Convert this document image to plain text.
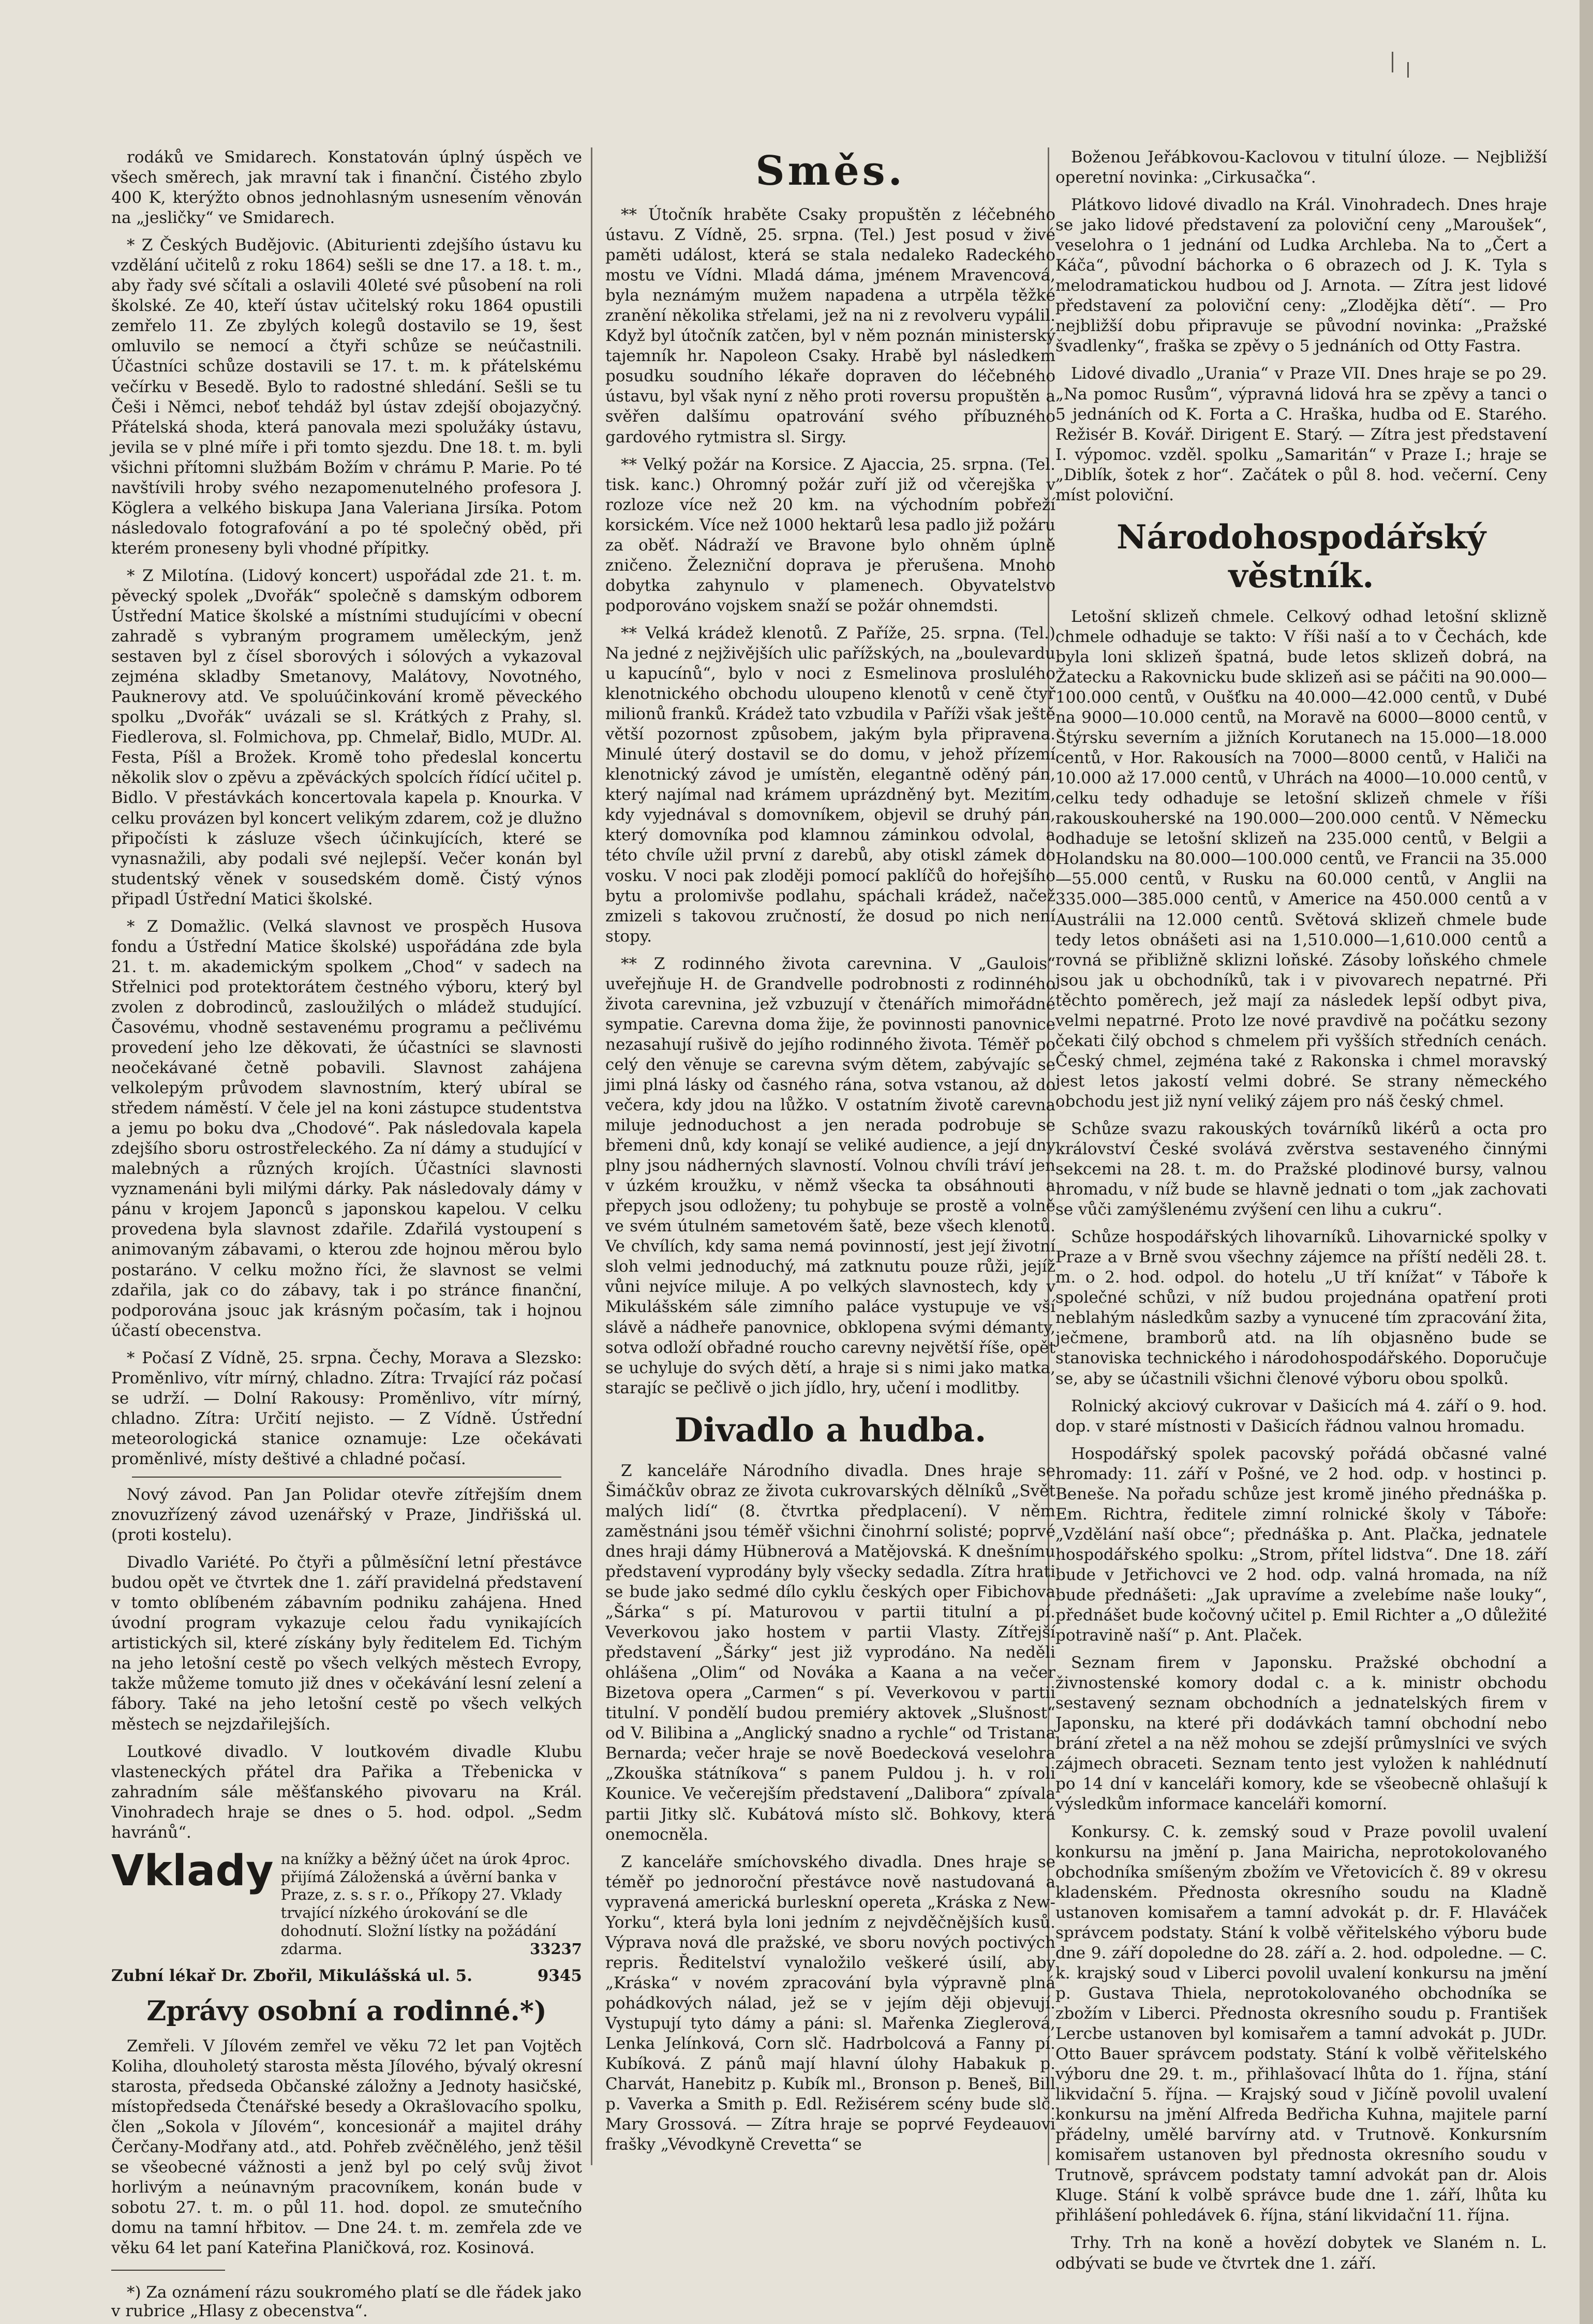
rodáků ve Smidarech. Konstatován úplný úspěch ve všech směrech, jak mravní tak i finanční. Čistého zbylo 400 K, kterýžto obnos jednohlasným usnesením věnován na „jesličky“ ve Smidarech.

* Z Českých Budějovic. (Abiturienti zdejšího ústavu ku vzdělání učitelů z roku 1864) sešli se dne 17. a 18. t. m., aby řady své sčítali a oslavili 40leté své působení na roli školské. Ze 40, kteří ústav učitelský roku 1864 opustili zemřelo 11. Ze zbylých kolegů dostavilo se 19, šest omluvilo se nemocí a čtyři schůze se neúčastnili. Účastníci schůze dostavili se 17. t. m. k přátelskému večírku v Besedě. Bylo to radostné shledání. Sešli se tu Češi i Němci, neboť tehdáž byl ústav zdejší obojazyčný. Přátelská shoda, která panovala mezi spolužáky ústavu, jevila se v plné míře i při tomto sjezdu. Dne 18. t. m. byli všichni přítomni službám Božím v chrámu P. Marie. Po té navštívili hroby svého nezapomenutelného profesora J. Köglera a velkého biskupa Jana Valeriana Jirsíka. Potom následovalo fotografování a po té společný oběd, při kterém proneseny byli vhodné přípitky.

* Z Milotína. (Lidový koncert) uspořádal zde 21. t. m. pěvecký spolek „Dvořák“ společně s damským odborem Ústřední Matice školské a místními studujícími v obecní zahradě s vybraným programem uměleckým, jenž sestaven byl z čísel sborových i sólových a vykazoval zejména skladby Smetanovy, Malátovy, Novotného, Pauknerovy atd. Ve spoluúčinkování kromě pěveckého spolku „Dvořák“ uvázali se sl. Krátkých z Prahy, sl. Fiedlerova, sl. Folmichova, pp. Chmelař, Bidlo, MUDr. Al. Festa, Píšl a Brožek. Kromě toho předeslal koncertu několik slov o zpěvu a zpěváckých spolcích řídící učitel p. Bidlo. V přestávkách koncertovala kapela p. Knourka. V celku provázen byl koncert velikým zdarem, což je dlužno připočísti k zásluze všech účinkujících, které se vynasnažili, aby podali své nejlepší. Večer konán byl studentský věnek v sousedském domě. Čistý výnos připadl Ústřední Matici školské.

* Z Domažlic. (Velká slavnost ve prospěch Husova fondu a Ústřední Matice školské) uspořádána zde byla 21. t. m. akademickým spolkem „Chod“ v sadech na Střelnici pod protektorátem čestného výboru, který byl zvolen z dobrodinců, zasloužilých o mládež studující. Časovému, vhodně sestavenému programu a pečlivému provedení jeho lze děkovati, že účastníci se slavnosti neočekávané četně pobavili. Slavnost zahájena velkolepým průvodem slavnostním, který ubíral se středem náměstí. V čele jel na koni zástupce studentstva a jemu po boku dva „Chodové“. Pak následovala kapela zdejšího sboru ostrostřeleckého. Za ní dámy a studující v malebných a různých krojích. Účastníci slavnosti vyznamenáni byli milými dárky. Pak následovaly dámy v pánu v krojem Japonců s japonskou kapelou. V celku provedena byla slavnost zdařile. Zdařilá vystoupení s animovaným zábavami, o kterou zde hojnou měrou bylo postaráno. V celku možno říci, že slavnost se velmi zdařila, jak co do zábavy, tak i po stránce finanční, podporována jsouc jak krásným počasím, tak i hojnou účastí obecenstva.

* Počasí Z Vídně, 25. srpna. Čechy, Morava a Slezsko: Proměnlivo, vítr mírný, chladno. Zítra: Trvající ráz počasí se udrží. — Dolní Rakousy: Proměnlivo, vítr mírný, chladno. Zítra: Určití nejisto. — Z Vídně. Ústřední meteorologická stanice oznamuje: Lze očekávati proměnlivé, místy deštivé a chladné počasí.

Nový závod. Pan Jan Polidar otevře zítřejším dnem znovuzřízený závod uzenářský v Praze, Jindřišská ul. (proti kostelu).

Divadlo Variété. Po čtyři a půlměsíční letní přestávce budou opět ve čtvrtek dne 1. září pravidelná představení v tomto oblíbeném zábavním podniku zahájena. Hned úvodní program vykazuje celou řadu vynikajících artistických sil, které získány byly ředitelem Ed. Tichým na jeho letošní cestě po všech velkých městech Evropy, takže můžeme tomuto již dnes v očekávání lesní zelení a fábory. Také na jeho letošní cestě po všech velkých městech se nejzdařilejších.

Loutkové divadlo. V loutkovém divadle Klubu vlasteneckých přátel dra Pařika a Třebenicka v zahradním sále měšťanského pivovaru na Král. Vinohradech hraje se dnes o 5. hod. odpol. „Sedm havránů“.

Vklady na knížky a běžný účet na úrok 4proc. přijímá Záloženská a úvěrní banka v Praze, z. s. s r. o., Příkopy 27. Vklady trvající nízkého úrokování se dle dohodnutí. Složní lístky na požádání zdarma.	33237
Zubní lékař Dr. Zbořil, Mikulášská ul. 5.	9345
Zprávy osobní a rodinné.*)

Zemřeli. V Jílovém zemřel ve věku 72 let pan Vojtěch Koliha, dlouholetý starosta města Jílového, bývalý okresní starosta, předseda Občanské záložny a Jednoty hasičské, místopředseda Čtenářské besedy a Okrašlovacího spolku, člen „Sokola v Jílovém“, koncesionář a majitel dráhy Čerčany-Modřany atd., atd. Pohřeb zvěčnělého, jenž těšil se všeobecné vážnosti a jenž byl po celý svůj život horlivým a neúnavným pracovníkem, konán bude v sobotu 27. t. m. o půl 11. hod. dopol. ze smutečního domu na tamní hřbitov. — Dne 24. t. m. zemřela zde ve věku 64 let paní Kateřina Planičková, roz. Kosinová.

*) Za oznámení rázu soukromého platí se dle řádek jako v rubrice „Hlasy z obecenstva“.
Směs.

** Útočník hraběte Csaky propuštěn z léčebného ústavu. Z Vídně, 25. srpna. (Tel.) Jest posud v živé paměti událost, která se stala nedaleko Radeckého mostu ve Vídni. Mladá dáma, jménem Mravencová, byla neznámým mužem napadena a utrpěla těžké zranění několika střelami, jež na ni z revolveru vypálil. Když byl útočník zatčen, byl v něm poznán ministerský tajemník hr. Napoleon Csaky. Hrabě byl následkem posudku soudního lékaře dopraven do léčebného ústavu, byl však nyní z něho proti roversu propuštěn a svěřen dalšímu opatrování svého příbuzného gardového rytmistra sl. Sirgy.

** Velký požár na Korsice. Z Ajaccia, 25. srpna. (Tel. tisk. kanc.) Ohromný požár zuří již od včerejška v rozloze více než 20 km. na východním pobřeží korsickém. Více než 1000 hektarů lesa padlo již požáru za oběť. Nádraží ve Bravone bylo ohněm úplně zničeno. Železniční doprava je přerušena. Mnoho dobytka zahynulo v plamenech. Obyvatelstvo podporováno vojskem snaží se požár ohnemdsti.

** Velká krádež klenotů. Z Paříže, 25. srpna. (Tel.) Na jedné z nejživějších ulic pařížských, na „boulevardu u kapucínů“, bylo v noci z Esmelinova proslulého klenotnického obchodu uloupeno klenotů v ceně čtyř milionů franků. Krádež tato vzbudila v Paříži však ještě větší pozornost způsobem, jakým byla připravena. Minulé úterý dostavil se do domu, v jehož přízemí klenotnický závod je umístěn, elegantně oděný pán, který najímal nad krámem uprázdněný byt. Mezitím, kdy vyjednával s domovníkem, objevil se druhý pán, který domovníka pod klamnou záminkou odvolal, a této chvíle užil první z darebů, aby otiskl zámek do vosku. V noci pak zloději pomocí paklíčů do hořejšího bytu a prolomivše podlahu, spáchali krádež, načež zmizeli s takovou zručností, že dosud po nich není stopy.

** Z rodinného života carevnina. V „Gaulois“ uveřejňuje H. de Grandvelle podrobnosti z rodinného života carevnina, jež vzbuzují v čtenářích mimořádné sympatie. Carevna doma žije, že povinnosti panovnice nezasahují rušivě do jejího rodinného života. Téměř po celý den věnuje se carevna svým dětem, zabývajíc se jimi plná lásky od časného rána, sotva vstanou, až do večera, kdy jdou na lůžko. V ostatním životě carevna miluje jednoduchost a jen nerada podrobuje se břemeni dnů, kdy konají se veliké audience, a její dny plny jsou nádherných slavností. Volnou chvíli tráví jen v úzkém kroužku, v němž všecka ta obsáhnouti a přepych jsou odloženy; tu pohybuje se prostě a volně ve svém útulném sametovém šatě, beze všech klenotů. Ve chvílích, kdy sama nemá povinností, jest její životní sloh velmi jednoduchý, má zatknutu pouze růži, jejíž vůni nejvíce miluje. A po velkých slavnostech, kdy v Mikulášském sále zimního paláce vystupuje ve vší slávě a nádheře panovnice, obklopena svými démanty, sotva odloží obřadné roucho carevny největší říše, opět se uchyluje do svých dětí, a hraje si s nimi jako matka, starajíc se pečlivě o jich jídlo, hry, učení i modlitby.

Divadlo a hudba.

Z kanceláře Národního divadla. Dnes hraje se Šimáčkův obraz ze života cukrovarských dělníků „Svět malých lidí“ (8. čtvrtka předplacení). V něm zaměstnáni jsou téměř všichni činohrní solisté; poprvé dnes hraji dámy Hübnerová a Matějovská. K dnešnímu představení vyprodány byly všecky sedadla. Zítra hrati se bude jako sedmé dílo cyklu českých oper Fibichova „Šárka“ s pí. Maturovou v partii titulní a pí. Veverkovou jako hostem v partii Vlasty. Zítřejší představení „Šárky“ jest již vyprodáno. Na neděli ohlášena „Olim“ od Nováka a Kaana a na večer Bizetova opera „Carmen“ s pí. Veverkovou v partii titulní. V pondělí budou premiéry aktovek „Slušnost“ od V. Bilibina a „Anglický snadno a rychle“ od Tristana Bernarda; večer hraje se nově Boedecková veselohra „Zkouška státníkova“ s panem Puldou j. h. v roli Kounice. Ve večerejším představení „Dalibora“ zpívala partii Jitky slč. Kubátová místo slč. Bohkovy, která onemocněla.

Z kanceláře smíchovského divadla. Dnes hraje se téměř po jednoroční přestávce nově nastudovaná a vypravená americká burleskní opereta „Kráska z New-Yorku“, která byla loni jedním z nejvděčnějších kusů. Výprava nová dle pražské, ve sboru nových poctivých repris. Ředitelství vynaložilo veškeré úsilí, aby „Kráska“ v novém zpracování byla výpravně plná pohádkových nálad, jež se v jejím ději objevují. Vystupují tyto dámy a páni: sl. Mařenka Zieglerová, Lenka Jelínková, Corn slč. Hadrbolcová a Fanny pí. Kubíková. Z pánů mají hlavní úlohy Habakuk p. Charvát, Hanebitz p. Kubík ml., Bronson p. Beneš, Bill p. Vaverka a Smith p. Edl. Režisérem scény bude slč. Mary Grossová. — Zítra hraje se poprvé Feydeauovi frašky „Vévodkyně Crevetta“ se

Boženou Jeřábkovou-Kaclovou v titulní úloze. — Nejbližší operetní novinka: „Cirkusačka“.

Plátkovo lidové divadlo na Král. Vinohradech. Dnes hraje se jako lidové představení za poloviční ceny „Maroušek“, veselohra o 1 jednání od Ludka Archleba. Na to „Čert a Káča“, původní báchorka o 6 obrazech od J. K. Tyla s melodramatickou hudbou od J. Arnota. — Zítra jest lidové představení za poloviční ceny: „Zlodějka dětí“. — Pro nejbližší dobu připravuje se původní novinka: „Pražské švadlenky“, fraška se zpěvy o 5 jednáních od Otty Fastra.

Lidové divadlo „Urania“ v Praze VII. Dnes hraje se po 29. „Na pomoc Rusům“, výpravná lidová hra se zpěvy a tanci o 5 jednáních od K. Forta a C. Hraška, hudba od E. Starého. Režisér B. Kovář. Dirigent E. Starý. — Zítra jest představení I. výpomoc. vzděl. spolku „Samaritán“ v Praze I.; hraje se „Diblík, šotek z hor“. Začátek o půl 8. hod. večerní. Ceny míst poloviční.

Národohospodářský věstník.

Letošní sklizeň chmele. Celkový odhad letošní sklizně chmele odhaduje se takto: V říši naší a to v Čechách, kde byla loni sklizeň špatná, bude letos sklizeň dobrá, na Žatecku a Rakovnicku bude sklizeň asi se páčiti na 90.000—100.000 centů, v Oušťku na 40.000—42.000 centů, v Dubé na 9000—10.000 centů, na Moravě na 6000—8000 centů, v Štýrsku severním a jižních Korutanech na 15.000—18.000 centů, v Hor. Rakousích na 7000—8000 centů, v Haliči na 10.000 až 17.000 centů, v Uhrách na 4000—10.000 centů, v celku tedy odhaduje se letošní sklizeň chmele v říši rakouskouherské na 190.000—200.000 centů. V Německu odhaduje se letošní sklizeň na 235.000 centů, v Belgii a Holandsku na 80.000—100.000 centů, ve Francii na 35.000—55.000 centů, v Rusku na 60.000 centů, v Anglii na 335.000—385.000 centů, v Americe na 450.000 centů a v Austrálii na 12.000 centů. Světová sklizeň chmele bude tedy letos obnášeti asi na 1,510.000—1,610.000 centů a rovná se přibližně sklizni loňské. Zásoby loňského chmele jsou jak u obchodníků, tak i v pivovarech nepatrné. Při těchto poměrech, jež mají za následek lepší odbyt piva, velmi nepatrné. Proto lze nové pravdivě na počátku sezony čekati čilý obchod s chmelem při vyšších středních cenách. Český chmel, zejména také z Rakonska i chmel moravský jest letos jakostí velmi dobré. Se strany německého obchodu jest již nyní veliký zájem pro náš český chmel.

Schůze svazu rakouských továrníků likérů a octa pro království České svolává zvěrstva sestaveného činnými sekcemi na 28. t. m. do Pražské plodinové bursy, valnou hromadu, v níž bude se hlavně jednati o tom „jak zachovati se vůči zamýšlenému zvýšení cen lihu a cukru“.

Schůze hospodářských lihovarníků. Lihovarnické spolky v Praze a v Brně svou všechny zájemce na příští neděli 28. t. m. o 2. hod. odpol. do hotelu „U tří knížat“ v Táboře k společné schůzi, v níž budou projednána opatření proti neblahým následkům sazby a vynucené tím zpracování žita, ječmene, bramborů atd. na líh objasněno bude se stanoviska technického i národohospodářského. Doporučuje se, aby se účastnili všichni členové výboru obou spolků.

Rolnický akciový cukrovar v Dašicích má 4. září o 9. hod. dop. v staré místnosti v Dašicích řádnou valnou hromadu.

Hospodářský spolek pacovský pořádá občasné valné hromady: 11. září v Pošné, ve 2 hod. odp. v hostinci p. Beneše. Na pořadu schůze jest kromě jiného přednáška p. Em. Richtra, ředitele zimní rolnické školy v Táboře: „Vzdělání naší obce“; přednáška p. Ant. Plačka, jednatele hospodářského spolku: „Strom, přítel lidstva“. Dne 18. září bude v Jetřichovci ve 2 hod. odp. valná hromada, na níž bude přednášeti: „Jak upravíme a zvelebíme naše louky“, přednášet bude kočovný učitel p. Emil Richter a „O důležité potravině naší“ p. Ant. Plaček.

Seznam firem v Japonsku. Pražské obchodní a živnostenské komory dodal c. a k. ministr obchodu sestavený seznam obchodních a jednatelských firem v Japonsku, na které při dodávkách tamní obchodní nebo brání zřetel a na něž mohou se zdejší průmyslníci ve svých zájmech obraceti. Seznam tento jest vyložen k nahlédnutí po 14 dní v kanceláři komory, kde se všeobecně ohlašují k výsledkům informace kanceláři komorní.

Konkursy. C. k. zemský soud v Praze povolil uvalení konkursu na jmění p. Jana Mairicha, neprotokolovaného obchodníka smíšeným zbožím ve Vřetovicích č. 89 v okresu kladenském. Přednosta okresního soudu na Kladně ustanoven komisařem a tamní advokát p. dr. F. Hlaváček správcem podstaty. Stání k volbě věřitelského výboru bude dne 9. září dopoledne do 28. září a. 2. hod. odpoledne. — C. k. krajský soud v Liberci povolil uvalení konkursu na jmění p. Gustava Thiela, neprotokolovaného obchodníka se zbožím v Liberci. Přednosta okresního soudu p. František Lercbe ustanoven byl komisařem a tamní advokát p. JUDr. Otto Bauer správcem podstaty. Stání k volbě věřitelského výboru dne 29. t. m., přihlašovací lhůta do 1. října, stání likvidační 5. října. — Krajský soud v Jičíně povolil uvalení konkursu na jmění Alfreda Bedřicha Kuhna, majitele parní přádelny, umělé barvírny atd. v Trutnově. Konkursním komisařem ustanoven byl přednosta okresního soudu v Trutnově, správcem podstaty tamní advokát pan dr. Alois Kluge. Stání k volbě správce bude dne 1. září, lhůta ku přihlášení pohledávek 6. října, stání likvidační 11. října.

Trhy. Trh na koně a hovězí dobytek ve Slaném n. L. odbývati se bude ve čtvrtek dne 1. září.
